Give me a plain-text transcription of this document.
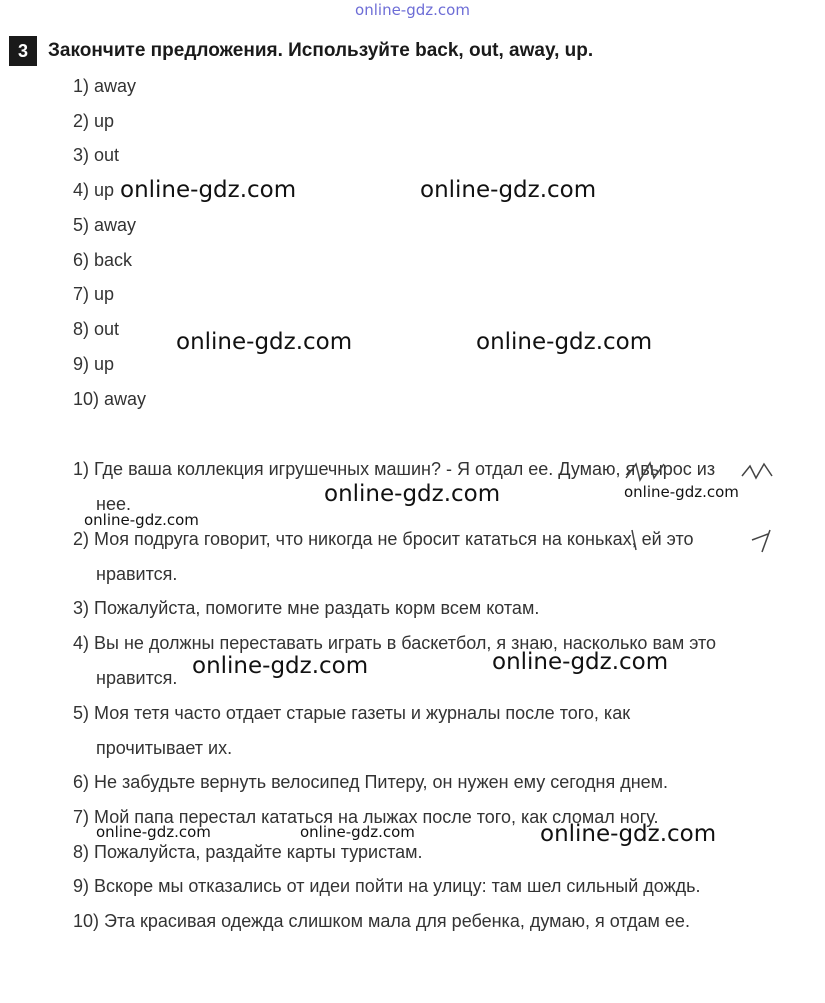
online-gdz.com
3	Закончите предложения. Используйте back, out, away, up.
1) away
2) up
3) out
4) up
5) away
6) back
7) up
8) out
9) up
10) away
1) Где ваша коллекция игрушечных машин? - Я отдал ее. Думаю, я вырос из
нее.
2) Моя подруга говорит, что никогда не бросит кататься на коньках, ей это
нравится.
3) Пожалуйста, помогите мне раздать корм всем котам.
4) Вы не должны переставать играть в баскетбол, я знаю, насколько вам это
нравится.
5) Моя тетя часто отдает старые газеты и журналы после того, как
прочитывает их.
6) Не забудьте вернуть велосипед Питеру, он нужен ему сегодня днем.
7) Мой папа перестал кататься на лыжах после того, как сломал ногу.
8) Пожалуйста, раздайте карты туристам.
9) Вскоре мы отказались от идеи пойти на улицу: там шел сильный дождь.
10) Эта красивая одежда слишком мала для ребенка, думаю, я отдам ее.
online-gdz.com	online-gdz.com
online-gdz.com	online-gdz.com
online-gdz.com	online-gdz.com
online-gdz.com
online-gdz.com	online-gdz.com
online-gdz.com	online-gdz.com	online-gdz.com
